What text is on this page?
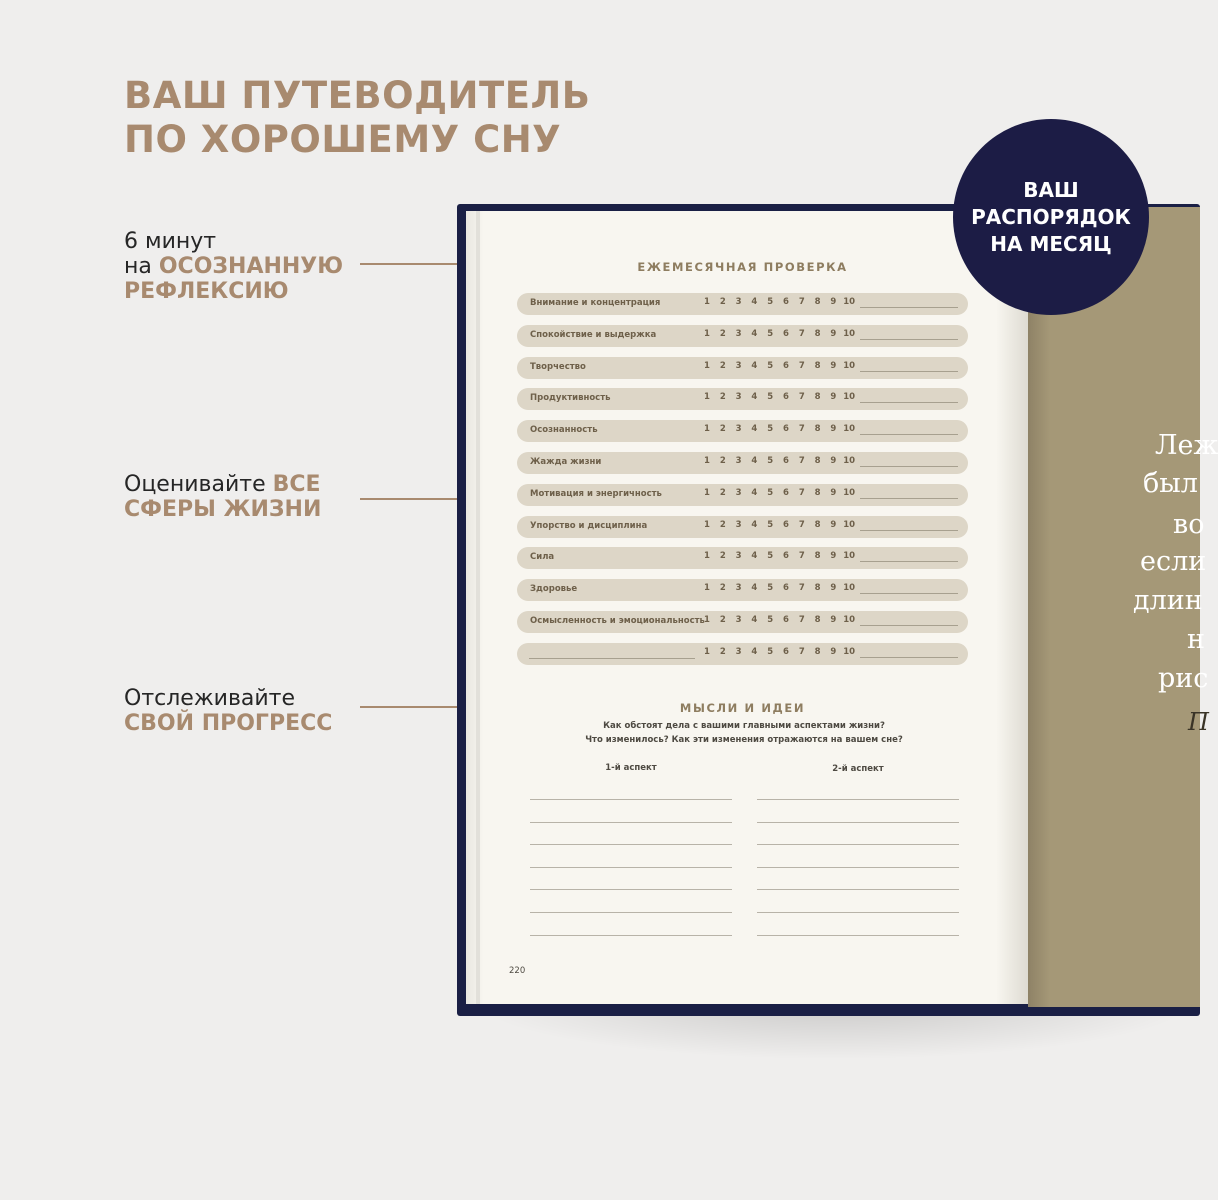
ВАШ ПУТЕВОДИТЕЛЬ
ПО ХОРОШЕМУ СНУ
6 минут
на ОСОЗНАННУЮ
РЕФЛЕКСИЮ
Оценивайте ВСЕ
СФЕРЫ ЖИЗНИ
Отслеживайте
СВОЙ ПРОГРЕСС
Леж
был
во
если
длин
н
рис
П
ЕЖЕМЕСЯЧНАЯ ПРОВЕРКА
Внимание и концентрация	1	2	3	4	5	6	7	8	9 10
Спокойствие и выдержка	1	2	3	4	5	6	7	8	9 10
Творчество	1	2	3	4	5	6	7	8	9 10
Продуктивность	1	2	3	4	5	6	7	8	9 10
Осознанность	1	2	3	4	5	6	7	8	9 10
Жажда жизни	1	2	3	4	5	6	7	8	9 10
Мотивация и энергичность	1	2	3	4	5	6	7	8	9 10
Упорство и дисциплина	1	2	3	4	5	6	7	8	9 10
Сила	1	2	3	4	5	6	7	8	9 10
Здоровье	1	2	3	4	5	6	7	8	9 10
Осмысленность и эмоциональность 1	2	3	4	5	6	7	8	9 10
1	2	3	4	5	6	7	8	9 10
МЫСЛИ И ИДЕИ
Как обстоят дела с вашими главными аспектами жизни?
Что изменилось? Как эти изменения отражаются на вашем сне?
1-й аспект	2-й аспект
220
ВАШ
РАСПОРЯДОК
НА МЕСЯЦ
